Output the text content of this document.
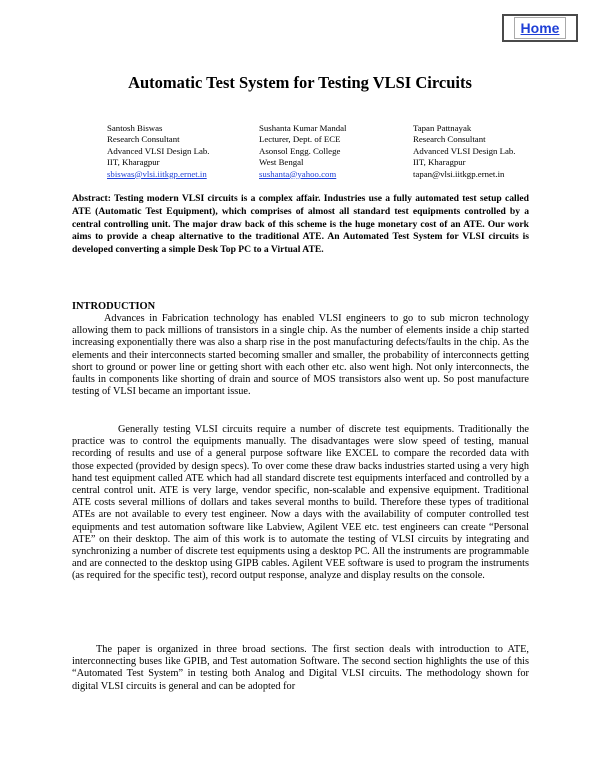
Home
Automatic Test System for Testing VLSI Circuits
Santosh Biswas
Research Consultant
Advanced VLSI Design Lab.
IIT, Kharagpur
sbiswas@vlsi.iitkgp.ernet.in
Sushanta Kumar Mandal
Lecturer, Dept. of ECE
Asonsol Engg. College
West Bengal
sushanta@yahoo.com
Tapan Pattnayak
Research Consultant
Advanced VLSI Design Lab.
IIT, Kharagpur
tapan@vlsi.iitkgp.ernet.in
Abstract: Testing modern VLSI circuits is a complex affair. Industries use a fully automated test setup called ATE (Automatic Test Equipment), which comprises of almost all standard test equipments controlled by a central controlling unit. The major draw back of this scheme is the huge monetary cost of an ATE. Our work aims to provide a cheap alternative to the traditional ATE. An Automated Test System for VLSI circuits is developed converting a simple Desk Top PC to a Virtual ATE.
INTRODUCTION

Advances in Fabrication technology has enabled VLSI engineers to go to sub micron technology allowing them to pack millions of transistors in a single chip. As the number of elements inside a chip started increasing exponentially there was also a sharp rise in the post manufacturing defects/faults in the chip. As the elements and their interconnects started becoming smaller and smaller, the probability of interconnects getting short to ground or power line or getting short with each other etc. also went high. Not only interconnects, the faults in components like shorting of drain and source of MOS transistors also went up. So post manufacture testing of VLSI became an important issue.

Generally testing VLSI circuits require a number of discrete test equipments. Traditionally the practice was to control the equipments manually. The disadvantages were slow speed of testing, manual recording of results and use of a general purpose software like EXCEL to compare the recorded data with those expected (provided by design specs). To over come these draw backs industries started using a very high hand test equipment called ATE which had all standard discrete test equipments interfaced and controlled by a central control unit. ATE is very large, vendor specific, non-scalable and expensive equipment. Traditional ATE costs several millions of dollars and takes several months to build. Therefore these types of traditional ATEs are not available to every test engineer. Now a days with the availability of computer controlled test equipments and test automation software like Labview, Agilent VEE etc. test engineers can create “Personal ATE” on their desktop. The aim of this work is to automate the testing of VLSI circuits by integrating and synchronizing a number of discrete test equipments using a desktop PC. All the instruments are programmable and are connected to the desktop using GIPB cables. Agilent VEE software is used to program the instruments (as required for the specific test), record output response, analyze and display results on the console.

The paper is organized in three broad sections. The first section deals with introduction to ATE, interconnecting buses like GPIB, and Test automation Software. The second section highlights the use of this “Automated Test System” in testing both Analog and Digital VLSI circuits. The methodology shown for digital VLSI circuits is general and can be adopted for
